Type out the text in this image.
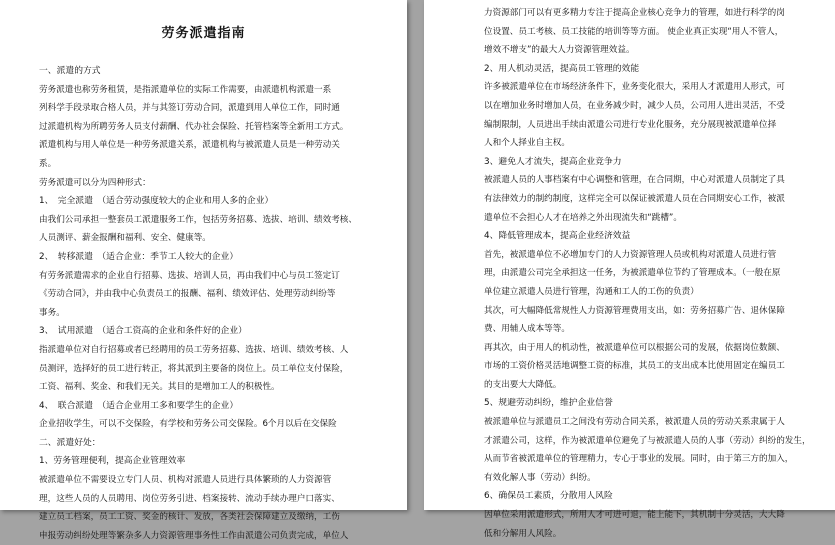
劳务派遣指南
一、派遣的方式
劳务派遣也称劳务租赁，是指派遣单位的实际工作需要，由派遣机构派遣一系
列科学手段录取合格人员，并与其签订劳动合同，派遣到用人单位工作，同时通
过派遣机构为所聘劳务人员支付薪酬、代办社会保险、托管档案等全新用工方式。
派遣机构与用人单位是一种劳务派遣关系，派遣机构与被派遣人员是一种劳动关
系。
劳务派遣可以分为四种形式：
1、　完全派遣　（适合劳动强度较大的企业和用人多的企业）
由我们公司承担一整套员工派遣服务工作，包括劳务招募、选拔、培训、绩效考核、
人员测评、薪金报酬和福利、安全、健康等。
2、　转移派遣　（适合企业：季节工人较大的企业）
有劳务派遣需求的企业自行招募、选拔、培训人员，再由我们中心与员工签定订
《劳动合同》，并由我中心负责员工的报酬、福利、绩效评估、处理劳动纠纷等
事务。
3、　试用派遣　（适合工资高的企业和条件好的企业）
指派遣单位对自行招募或者已经聘用的员工劳务招募、选拔、培训、绩效考核、人
员测评，选择好的员工进行转正，将其派到主要备的岗位上。员工单位支付保险，
工资、福利、奖金、和我们无关。其目的是增加工人的积极性。
4、　联合派遣　（适合企业用工多和要学生的企业）
企业招收学生，可以不交保险，有学校和劳务公司交保险。6个月以后在交保险
二、派遣好处：
1、劳务管理便利，提高企业管理效率
被派遣单位不需要设立专门人员、机构对派遣人员进行具体繁琐的人力资源管
理，这些人员的人员聘用、岗位劳务引进、档案接转、流动手续办理户口落实、
建立员工档案，员工工资、奖金的核计、发放，各类社会保障建立及缴纳，工伤
申报劳动纠纷处理等繁杂多人力资源管理事务性工作由派遣公司负责完成，单位人
力资源部门可以有更多精力专注于提高企业核心竞争力的管理，如进行科学的岗
位设置、员工考核、员工技能的培训等等方面。 使企业真正实现“用人不管人，
增效不增支”的最大人力资源管理效益。
2、用人机动灵活，提高员工管理的效能
许多被派遣单位在市场经济条件下，业务变化很大，采用人才派遣用人形式，可
以在增加业务时增加人员，在业务减少时，减少人员，公司用人进出灵活，不受
编制限制，人员进出手续由派遣公司进行专业化服务，充分展现被派遣单位择
人和个人择业自主权。
3、避免人才流失，提高企业竞争力
被派遣人员的人事档案有中心调整和管理，在合同期，中心对派遣人员制定了具
有法律效力的制约制度，这样完全可以保证被派遣人员在合同期安心工作，被派
遣单位不会担心人才在培养之外出现流失和“跳槽”。
4、降低管理成本，提高企业经济效益
首先，被派遣单位不必增加专门的人力资源管理人员或机构对派遣人员进行管
理，由派遣公司完全承担这一任务，为被派遣单位节约了管理成本。（一般在原
单位建立派遣人员进行管理，沟通和工人的工伤的负责）
其次，可大幅降低常规性人力资源管理费用支出，如：劳务招募广告、退休保障
费、用辅人成本等等。
再其次，由于用人的机动性，被派遣单位可以根据公司的发展，依据岗位数额、
市场的工资价格灵活地调整工资的标准，其员工的支出成本比使用固定在编员工
的支出要大大降低。
5、规避劳动纠纷，维护企业信誉
被派遣单位与派遣员工之间没有劳动合同关系，被派遣人员的劳动关系隶属于人
才派遣公司，这样，作为被派遣单位避免了与被派遣人员的人事（劳动）纠纷的发生，
从而节省被派遣单位的管理精力，专心于事业的发展。同时，由于第三方的加入，
有效化解人事（劳动）纠纷。
6、确保员工素质，分散用人风险
因单位采用派遣形式，所用人才可进可退，能上能下，其机制十分灵活，大大降
低和分解用人风险。
